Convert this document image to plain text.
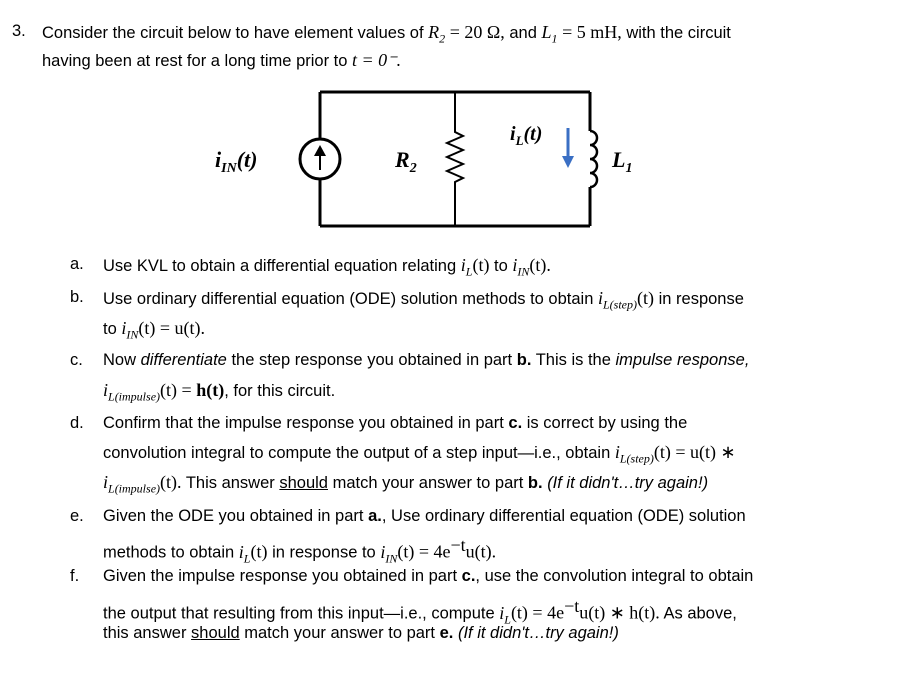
3. Consider the circuit below to have element values of $R_2 = 20$ Ω, and $L_1 = 5$ mH, with the circuit
having been at rest for a long time prior to t = 0⁻.
$i_{IN}(t)$	$R_2$
$i_L(t)$
$L_1$
a.	Use KVL to obtain a differential equation relating $i_L(t)$ to $i_{IN}(t)$.
b.	Use ordinary differential equation (ODE) solution methods to obtain $i_{L(step)}(t)$ in response
to $i_{IN}(t) = u(t)$.
c.	Now differentiate the step response you obtained in part b. This is the impulse response,
$i_{L(impulse)}(t) = h(t)$, for this circuit.
d.	Confirm that the impulse response you obtained in part c. is correct by using the
convolution integral to compute the output of a step input—i.e., obtain $i_{L(step)}(t) = u(t)$ ∗
$i_{L(impulse)}(t)$. This answer should match your answer to part b. (If it didn't…try again!)
e.	Given the ODE you obtained in part a., Use ordinary differential equation (ODE) solution
methods to obtain $i_L(t)$ in response to $i_{IN}(t) = 4e^{-t}u(t)$.
f.	Given the impulse response you obtained in part c., use the convolution integral to obtain
the output that resulting from this input—i.e., compute $i_L(t) = 4e^{-t}u(t)$ ∗ h(t). As above,
this answer should match your answer to part e. (If it didn't…try again!)
